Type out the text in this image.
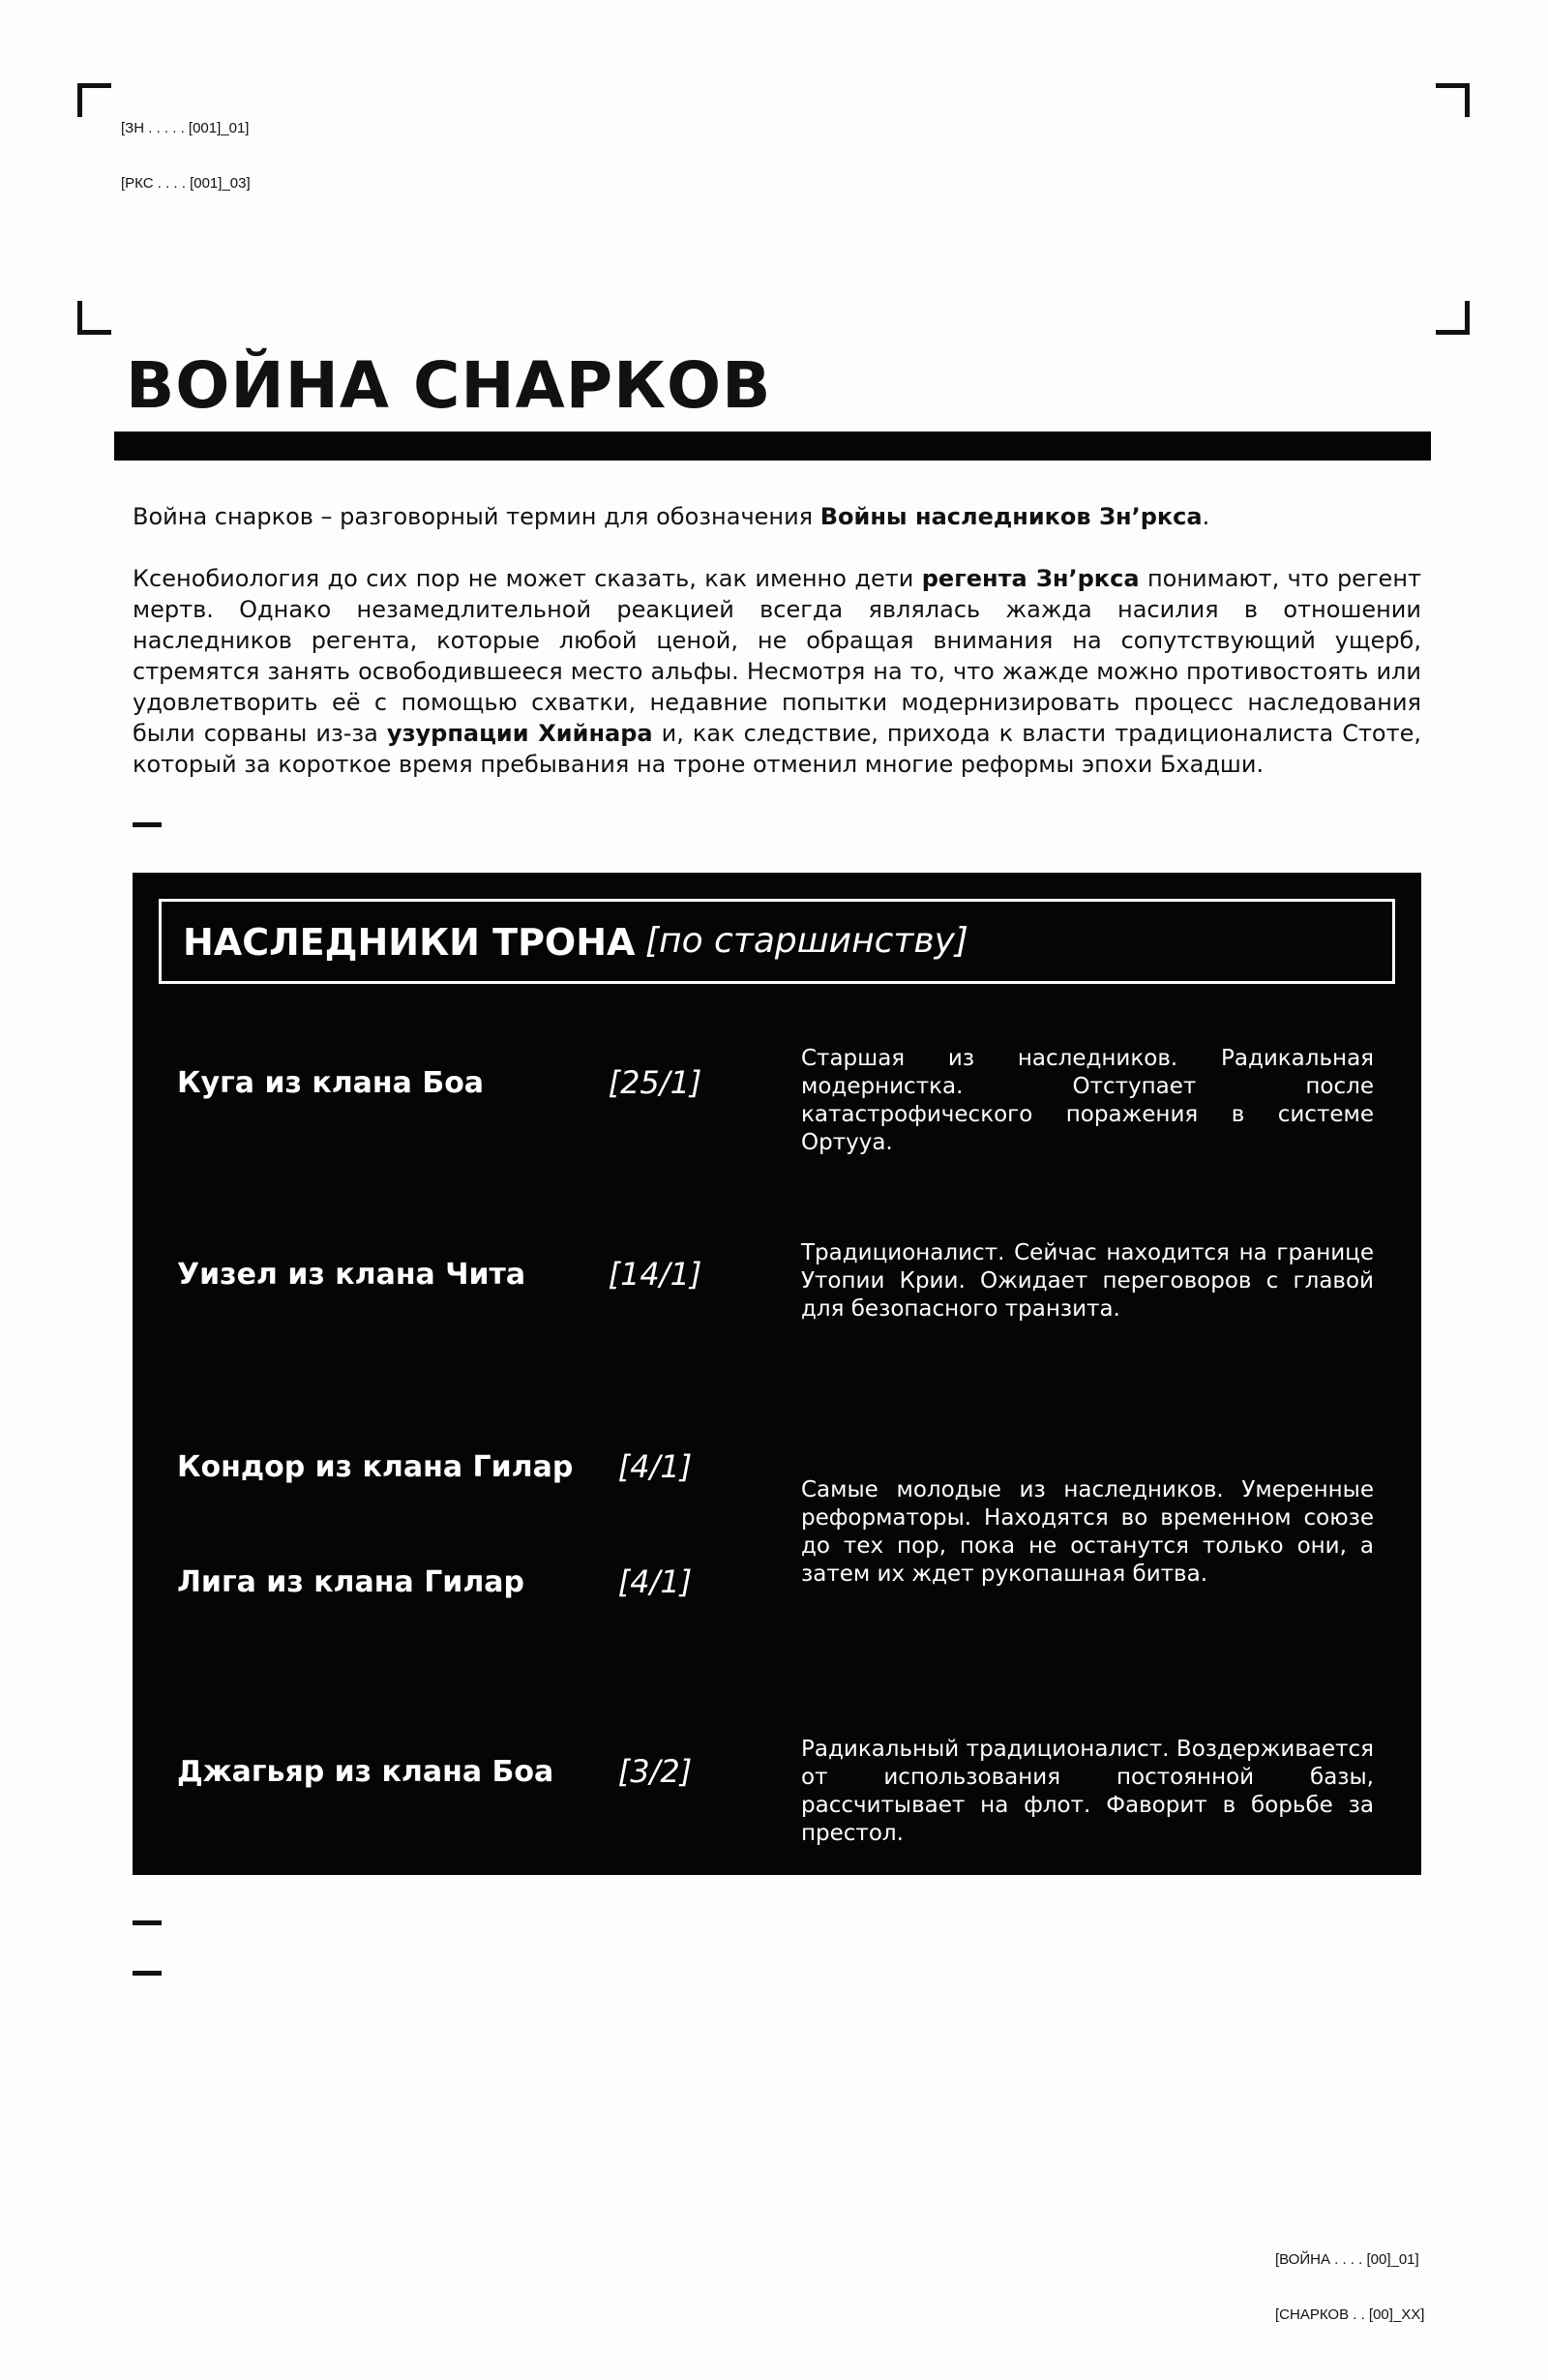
[ЗН . . . . . [001]_01]

[РКС . . . . [001]_03]

ВОЙНА СНАРКОВ

Война снарков – разговорный термин для обозначения Войны наследников Зн’ркса.

Ксенобиология до сих пор не может сказать, как именно дети регента Зн’ркса понимают, что регент мертв. Однако незамедлительной реакцией всегда являлась жажда насилия в отношении наследников регента, которые любой ценой, не обращая внимания на сопутствующий ущерб, стремятся занять освободившееся место альфы. Несмотря на то, что жажде можно противостоять или удовлетворить её с помощью схватки, недавние попытки модернизировать процесс наследования были сорваны из-за узурпации Хийнара и, как следствие, прихода к власти традиционалиста Стоте, который за короткое время пребывания на троне отменил многие реформы эпохи Бхадши.

НАСЛЕДНИКИ ТРОНА [по старшинству]
Куга из клана Боа	[25/1]

Старшая из наследников. Радикальная модернистка. Отступает после катастрофического поражения в системе Ортууа.

Уизел из клана Чита	[14/1]

Традиционалист. Сейчас находится на границе Утопии Крии. Ожидает переговоров с главой для безопасного транзита.

Кондор из клана Гилар	[4/1]
Лига из клана Гилар	[4/1]

Самые молодые из наследников. Умеренные реформаторы. Находятся во временном союзе до тех пор, пока не останутся только они, а затем их ждет рукопашная битва.

Джагьяр из клана Боа	[3/2]

Радикальный традиционалист. Воздерживается от использования постоянной базы, рассчитывает на флот. Фаворит в борьбе за престол.

[ВОЙНА . . . . [00]_01]

[СНАРКОВ . . [00]_XX]
